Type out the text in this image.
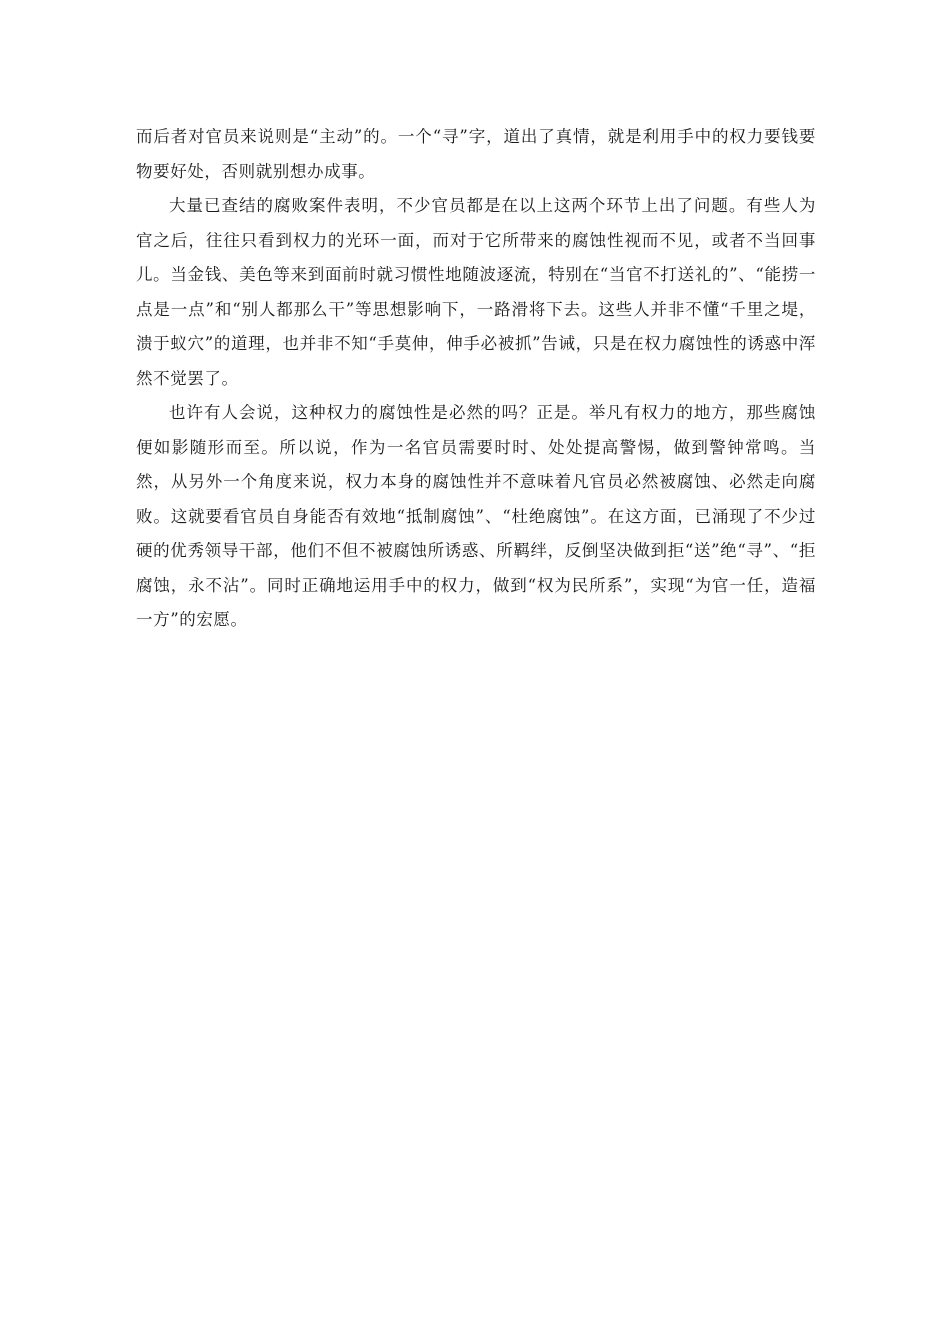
而后者对官员来说则是“主动”的。一个“寻”字，道出了真情，就是利用手中的权力要钱要物要好处，否则就别想办成事。

大量已查结的腐败案件表明，不少官员都是在以上这两个环节上出了问题。有些人为官之后，往往只看到权力的光环一面，而对于它所带来的腐蚀性视而不见，或者不当回事儿。当金钱、美色等来到面前时就习惯性地随波逐流，特别在“当官不打送礼的”、“能捞一点是一点”和“别人都那么干”等思想影响下，一路滑将下去。这些人并非不懂“千里之堤，溃于蚁穴”的道理，也并非不知“手莫伸，伸手必被抓”告诫，只是在权力腐蚀性的诱惑中浑然不觉罢了。

也许有人会说，这种权力的腐蚀性是必然的吗？正是。举凡有权力的地方，那些腐蚀便如影随形而至。所以说，作为一名官员需要时时、处处提高警惕，做到警钟常鸣。当然，从另外一个角度来说，权力本身的腐蚀性并不意味着凡官员必然被腐蚀、必然走向腐败。这就要看官员自身能否有效地“抵制腐蚀”、“杜绝腐蚀”。在这方面，已涌现了不少过硬的优秀领导干部，他们不但不被腐蚀所诱惑、所羁绊，反倒坚决做到拒“送”绝“寻”、“拒腐蚀，永不沾”。同时正确地运用手中的权力，做到“权为民所系”，实现“为官一任，造福一方”的宏愿。
